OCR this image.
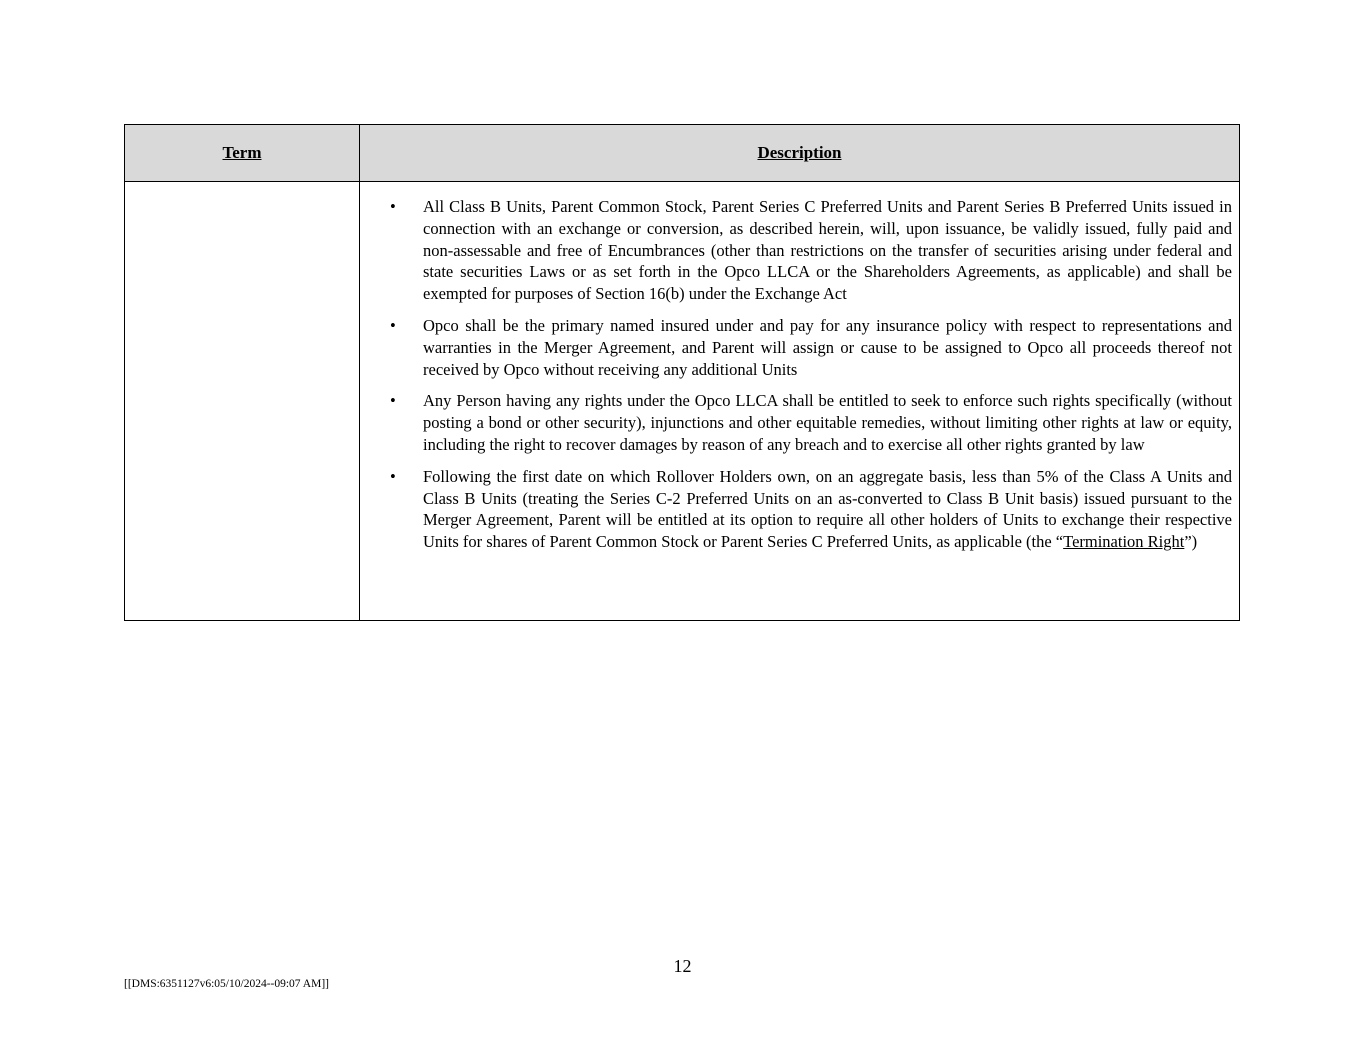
Term	Description
• All Class B Units, Parent Common Stock, Parent Series C Preferred Units and Parent Series B Preferred Units issued in connection with an exchange or conversion, as described herein, will, upon issuance, be validly issued, fully paid and non-assessable and free of Encumbrances (other than restrictions on the transfer of securities arising under federal and state securities Laws or as set forth in the Opco LLCA or the Shareholders Agreements, as applicable) and shall be exempted for purposes of Section 16(b) under the Exchange Act
• Opco shall be the primary named insured under and pay for any insurance policy with respect to representations and warranties in the Merger Agreement, and Parent will assign or cause to be assigned to Opco all proceeds thereof not received by Opco without receiving any additional Units
• Any Person having any rights under the Opco LLCA shall be entitled to seek to enforce such rights specifically (without posting a bond or other security), injunctions and other equitable remedies, without limiting other rights at law or equity, including the right to recover damages by reason of any breach and to exercise all other rights granted by law
• Following the first date on which Rollover Holders own, on an aggregate basis, less than 5% of the Class A Units and Class B Units (treating the Series C-2 Preferred Units on an as-converted to Class B Unit basis) issued pursuant to the Merger Agreement, Parent will be entitled at its option to require all other holders of Units to exchange their respective Units for shares of Parent Common Stock or Parent Series C Preferred Units, as applicable (the “Termination Right”)
12
[[DMS:6351127v6:05/10/2024--09:07 AM]]
